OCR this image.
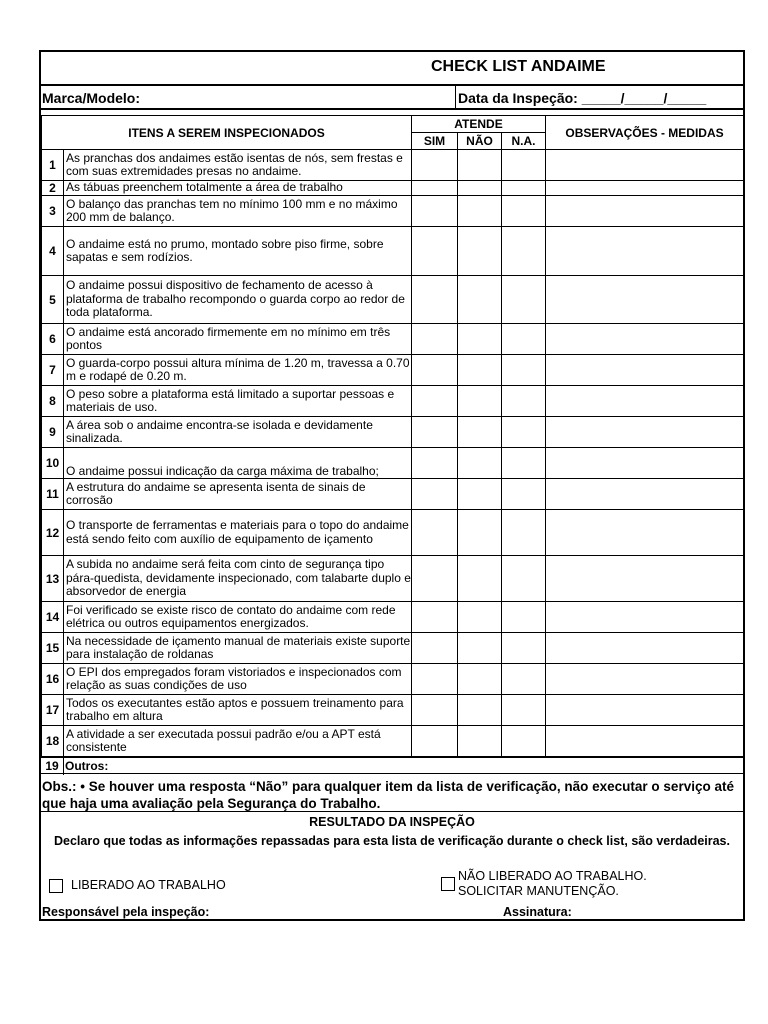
CHECK LIST ANDAIME
Marca/Modelo:	Data da Inspeção: _____/_____/_____
ITENS A SEREM INSPECIONADOS		ATENDE			OBSERVAÇÕES - MEDIDAS
		SIM	NÃO	N.A.	
1	As pranchas dos andaimes estão isentas de nós, sem frestas e com suas extremidades presas no andaime.				
2	As tábuas preenchem totalmente a área de trabalho				
3	O balanço das pranchas tem no mínimo 100 mm e no máximo 200 mm de balanço.				
4	O andaime está no prumo, montado sobre piso firme, sobre sapatas e sem rodízios.				
5	O andaime possui dispositivo de fechamento de acesso à plataforma de trabalho recompondo o guarda corpo ao redor de toda plataforma.				
6	O andaime está ancorado firmemente em no mínimo em três pontos				
7	O guarda-corpo possui altura mínima de 1.20 m, travessa a 0.70 m e rodapé de 0.20 m.				
8	O peso sobre a plataforma está limitado a suportar pessoas e materiais de uso.				
9	A área sob o andaime encontra-se isolada e devidamente sinalizada.				
10	O andaime possui indicação da carga máxima de trabalho;				
11	A estrutura do andaime se apresenta isenta de sinais de corrosão				
12	O transporte de ferramentas e materiais para o topo do andaime está sendo feito com auxílio de equipamento de içamento				
13	A subida no andaime será feita com cinto de segurança tipo pára-quedista, devidamente inspecionado, com talabarte duplo e absorvedor de energia				
14	Foi verificado se existe risco de contato do andaime com rede elétrica ou outros equipamentos energizados.				
15	Na necessidade de içamento manual de materiais existe suporte para instalação de roldanas				
16	O EPI dos empregados foram vistoriados e inspecionados com relação as suas condições de uso				
17	Todos os executantes estão aptos e possuem treinamento para trabalho em altura				
18	A atividade a ser executada possui padrão e/ou a APT está consistente				
19 Outros:
Obs.: • Se houver uma resposta “Não” para qualquer item da lista de verificação, não executar o serviço até que haja uma avaliação pela Segurança do Trabalho.
RESULTADO DA INSPEÇÃO
Declaro que todas as informações repassadas para esta lista de verificação durante o check list, são verdadeiras.
LIBERADO AO TRABALHO
NÃO LIBERADO AO TRABALHO.
SOLICITAR MANUTENÇÃO.
Responsável pela inspeção:	Assinatura:
